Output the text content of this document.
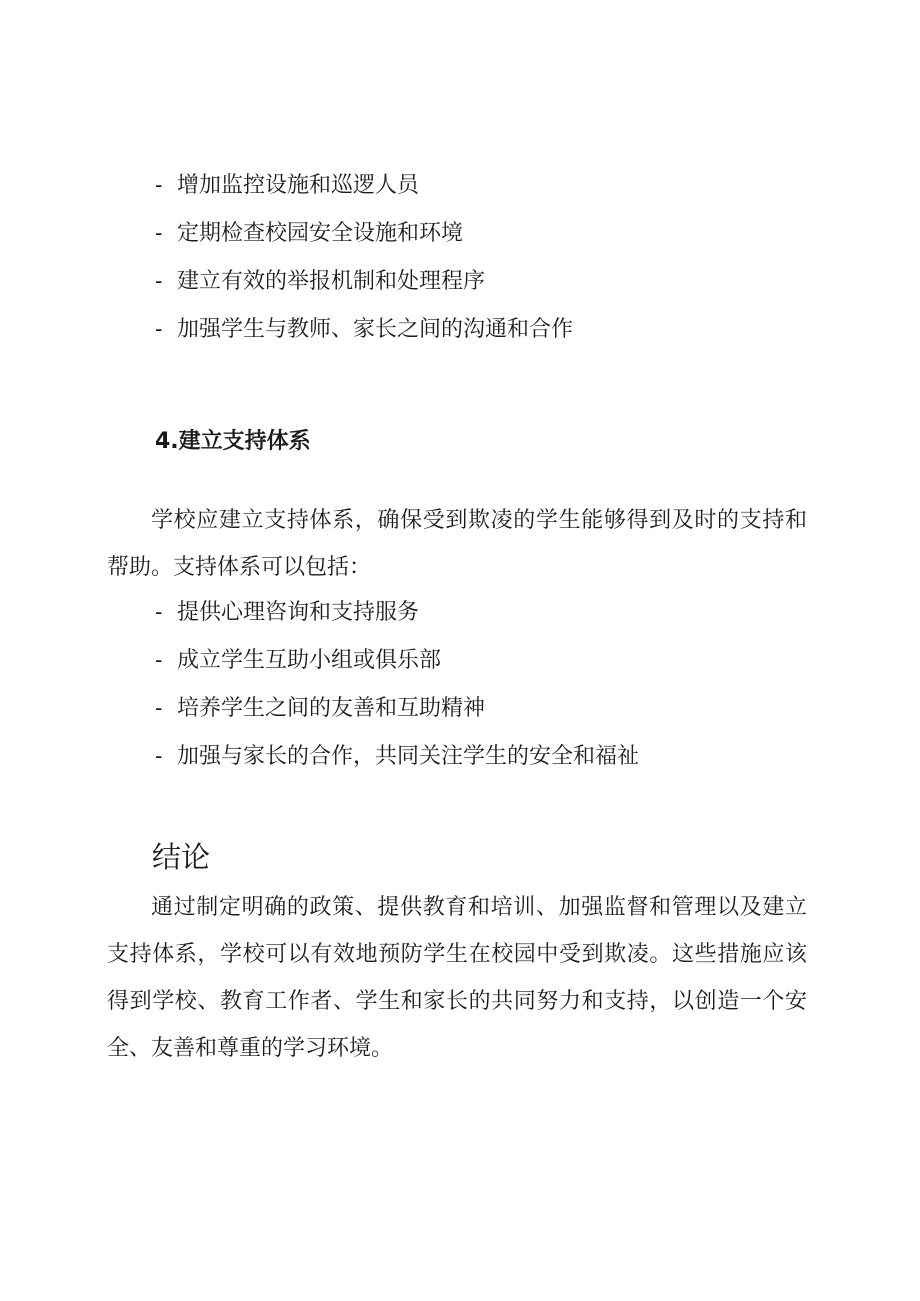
- 增加监控设施和巡逻人员
- 定期检查校园安全设施和环境
- 建立有效的举报机制和处理程序
- 加强学生与教师、家长之间的沟通和合作
4.建立支持体系

学校应建立支持体系，确保受到欺凌的学生能够得到及时的支持和帮助。支持体系可以包括：

- 提供心理咨询和支持服务
- 成立学生互助小组或俱乐部
- 培养学生之间的友善和互助精神
- 加强与家长的合作，共同关注学生的安全和福祉
结论

通过制定明确的政策、提供教育和培训、加强监督和管理以及建立支持体系，学校可以有效地预防学生在校园中受到欺凌。这些措施应该得到学校、教育工作者、学生和家长的共同努力和支持，以创造一个安全、友善和尊重的学习环境。
